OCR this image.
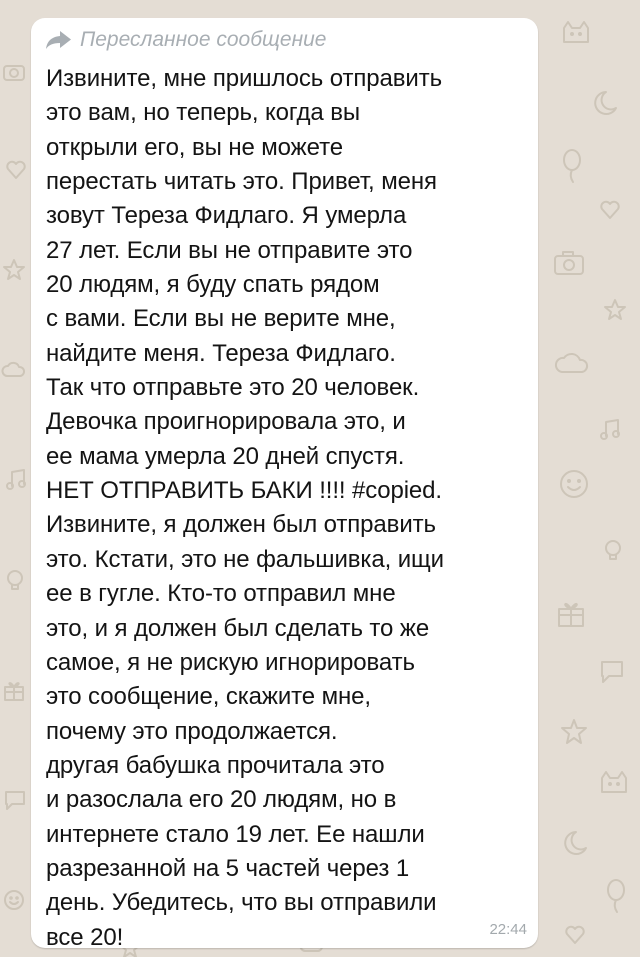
Пересланное сообщение

Извините, мне пришлось отправить
это вам, но теперь, когда вы
открыли его, вы не можете
перестать читать это. Привет, меня
зовут Тереза Фидлаго. Я умерла
27 лет. Если вы не отправите это
20 людям, я буду спать рядом
с вами. Если вы не верите мне,
найдите меня. Тереза Фидлаго.
Так что отправьте это 20 человек.
Девочка проигнорировала это, и
ее мама умерла 20 дней спустя.
НЕТ ОТПРАВИТЬ БАКИ !!!! #copied.
Извините, я должен был отправить
это. Кстати, это не фальшивка, ищи
ее в гугле. Кто-то отправил мне
это, и я должен был сделать то же
самое, я не рискую игнорировать
это сообщение, скажите мне,
почему это продолжается.
другая бабушка прочитала это
и разослала его 20 людям, но в
интернете стало 19 лет. Ее нашли
разрезанной на 5 частей через 1
день. Убедитесь, что вы отправили
все 20!	22:44
